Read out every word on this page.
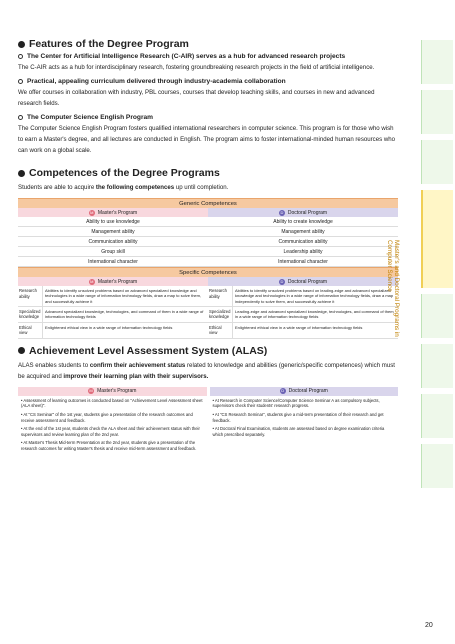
Features of the Degree Program
The Center for Artificial Intelligence Research (C-AIR) serves as a hub for advanced research projects
The C-AIR acts as a hub for interdisciplinary research, fostering groundbreaking research projects in the field of artificial intelligence.
Practical, appealing curriculum delivered through industry-academia collaboration
We offer courses in collaboration with industry, PBL courses, courses that develop teaching skills, and courses in new and advanced research fields.
The Computer Science English Program
The Computer Science English Program fosters qualified international researchers in computer science. This program is for those who wish to earn a Master's degree, and all lectures are conducted in English. The program aims to foster international-minded human resources who can work on a global scale.
Competences of the Degree Programs
Students are able to acquire the following competences up until completion.
Generic Competences
M Master's Program
Ability to use knowledge
Management ability
Communication ability
Group skill
International character
D Doctoral Program
Ability to create knowledge
Management ability
Communication ability
Leadership ability
International character
Specific Competences
M Master's Program
Research ability
Abilities to identify unsolved problems based on advanced specialized knowledge and technologies in a wide range of information technology fields, draw a map to solve them, and successfully achieve it
Specialized knowledge
Advanced specialized knowledge, technologies, and command of them in a wide range of information technology fields
Ethical view
Enlightened ethical view in a wide range of information technology fields
D Doctoral Program
Research ability
Abilities to identify unsolved problems based on leading-edge and advanced specialized knowledge and technologies in a wide range of information technology fields, draw a map independently to solve them, and successfully achieve it
Specialized knowledge
Leading-edge and advanced specialized knowledge, technologies, and command of them in a wide range of information technology fields
Ethical view
Enlightened ethical view in a wide range of information technology fields
Achievement Level Assessment System (ALAS)
ALAS enables students to confirm their achievement status related to knowledge and abilities (generic/specific competences) which must be acquired and improve their learning plan with their supervisors.
M Master's Program
• Assessment of learning outcomes is conducted based on "Achievement Level Assessment sheet (ALA sheet)".
• At "CS Seminar" of the 1st year, students give a presentation of the research outcomes and receive assessment and feedback.
• At the end of the 1st year, students check the ALA sheet and their achievement status with their supervisors and review learning plan of the 2nd year.
• At Master's Thesis Mid-term Presentation at the 2nd year, students give a presentation of the research outcomes for writing Master's thesis and receive mid-term assessment and feedback.
D Doctoral Program
• At Research in Computer Science/Computer Science Seminar A as compulsory subjects, supervisors check their students' research progress.
• At "CS Research Seminar", students give a mid-term presentation of their research and get feedback.
• At Doctoral Final Examination, students are assessed based on degree examination criteria which prescribed separately.
Master's and Doctoral Programs in Computer Science
20
